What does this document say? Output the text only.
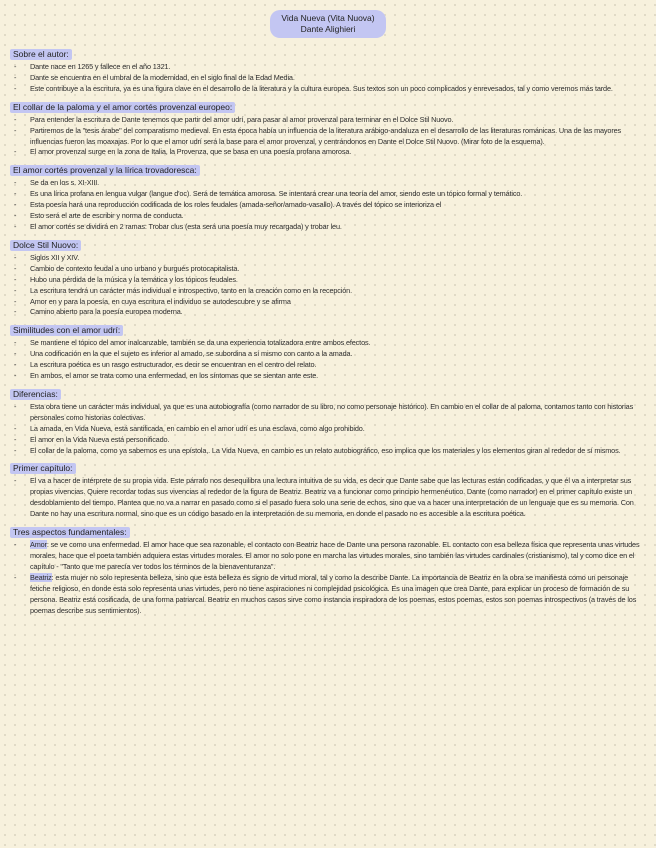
Vida Nueva (Vita Nuova)
Dante Alighieri
Sobre el autor:
- Dante nace en 1265 y fallece en el año 1321.
- Dante se encuentra en el umbral de la modernidad, en el siglo final de la Edad Media.
- Este contribuye a la escritura, ya es una figura clave en el desarrollo de la literatura y la cultura europea. Sus textos son un poco complicados y enrevesados, tal y como veremos más tarde.
El collar de la paloma y el amor cortés provenzal europeo:
- Para entender la escritura de Dante tenemos que partir del amor udrí, para pasar al amor provenzal para terminar en el Dolce Stil Nuovo.
- Partiremos de la "tesis árabe" del comparatismo medieval. En esta época había un influencia de la literatura arábigo-andaluza en el desarrollo de las literaturas románicas. Una de las mayores influencias fueron las moaxajas. Por lo que el amor udrí será la base para el amor provenzal, y centrándonos en Dante el Dolce Stil Nuovo. (Mirar foto de la esquema).
- El amor provenzal surge en la zona de Italia, la Provenza, que se basa en una poesía profana amorosa.
El amor cortés provenzal y la lírica trovadoresca:
- Se da en los s. XI-XIII.
- Es una lírica profana en lengua vulgar (langue d'oc). Será de temática amorosa. Se intentará crear una teoría del amor, siendo este un tópico formal y temático.
- Esta poesía hará una reproducción codificada de los roles feudales (amada-señor/amado-vasallo). A través del tópico se interioriza el
- Esto será el arte de escribir y norma de conducta.
- El amor cortés se dividirá en 2 ramas: Trobar clus (esta será una poesía muy recargada) y trobar leu.
Dolce Stil Nuovo:
- Siglos XII y XIV.
- Cambio de contexto feudal a uno urbano y burgués protocapitalista.
- Hubo una pérdida de la música y la temática y los tópicos feudales.
- La escritura tendrá un carácter más individual e introspectivo, tanto en la creación como en la recepción.
- Amor en y para la poesía, en cuya escritura el individuo se autodescubre y se afirma
- Camino abierto para la poesía europea moderna.
Similitudes con el amor udrí:
- Se mantiene el tópico del amor inalcanzable, también se da una experiencia totalizadora entre ambos efectos.
- Una codificación en la que el sujeto es inferior al amado, se subordina a sí mismo con canto a la amada.
- La escritura poética es un rasgo estructurador, es decir se encuentran en el centro del relato.
- En ambos, el amor se trata como una enfermedad, en los síntomas que se sientan ante este.
Diferencias:
- Esta obra tiene un carácter más individual, ya que es una autobiografía (como narrador de su libro, no como personaje histórico). En cambio en el collar de al paloma, contamos tanto con historias personales como historias colectivas.
- La amada, en Vida Nueva, está santificada, en cambio en el amor udrí es una esclava, como algo prohibido.
- El amor en la Vida Nueva está personificado.
- El collar de la paloma, como ya sabemos es una epístola,. La Vida Nueva, en cambio es un relato autobiográfico, eso implica que los materiales y los elementos giran al rededor de sí mismos.
Primer capítulo:
- El va a hacer de intérprete de su propia vida. Este párrafo nos desequilibra una lectura intuitiva de su vida, es decir que Dante sabe que las lecturas están codificadas, y que él va a interpretar sus propias vivencias. Quiere recordar todas sus vivencias al rededor de la figura de Beatriz. Beatriz va a funcionar como principio hermenéutico. Dante (como narrador) en el primer capítulo existe un desdoblamiento del tiempo. Plantea que no va a narrar en pasado como si el pasado fuera solo una serie de echos, sino que va a hacer una interpretación de un lenguaje que es su memoria. Con Dante no hay una escritura normal, sino que es un código basado en la interpretación de su memoria, en donde el pasado no es accesible a la escritura poética.
Tres aspectos fundamentales:
- Amor: se ve como una enfermedad. El amor hace que sea razonable, el contacto con Beatriz hace de Dante una persona razonable. EL contacto con esa belleza física que representa unas virtudes morales, hace que el poeta también adquiera estas virtudes morales. El amor no solo pone en marcha las virtudes morales, sino también las virtudes cardinales (cristianismo), tal y como dice en el capítulo - "Tanto que me parecía ver todos los términos de la bienaventuranza".
- Beatriz: esta mujer no solo representa belleza, sino que esta belleza es signo de virtud moral, tal y como la describe Dante. La importancia de Beatriz en la obra se manifiesta como un personaje fetiche religioso, en donde esta solo representa unas virtudes, pero no tiene aspiraciones ni complejidad psicológica. Es una imagen que crea Dante, para explicar un proceso de formación de su persona. Beatriz está cosificada, de una forma patriarcal. Beatriz en muchos casos sirve como instancia inspiradora de los poemas, estos poemas, estos son poemas introspectivos (a través de los poemas describe sus sentimientos).
